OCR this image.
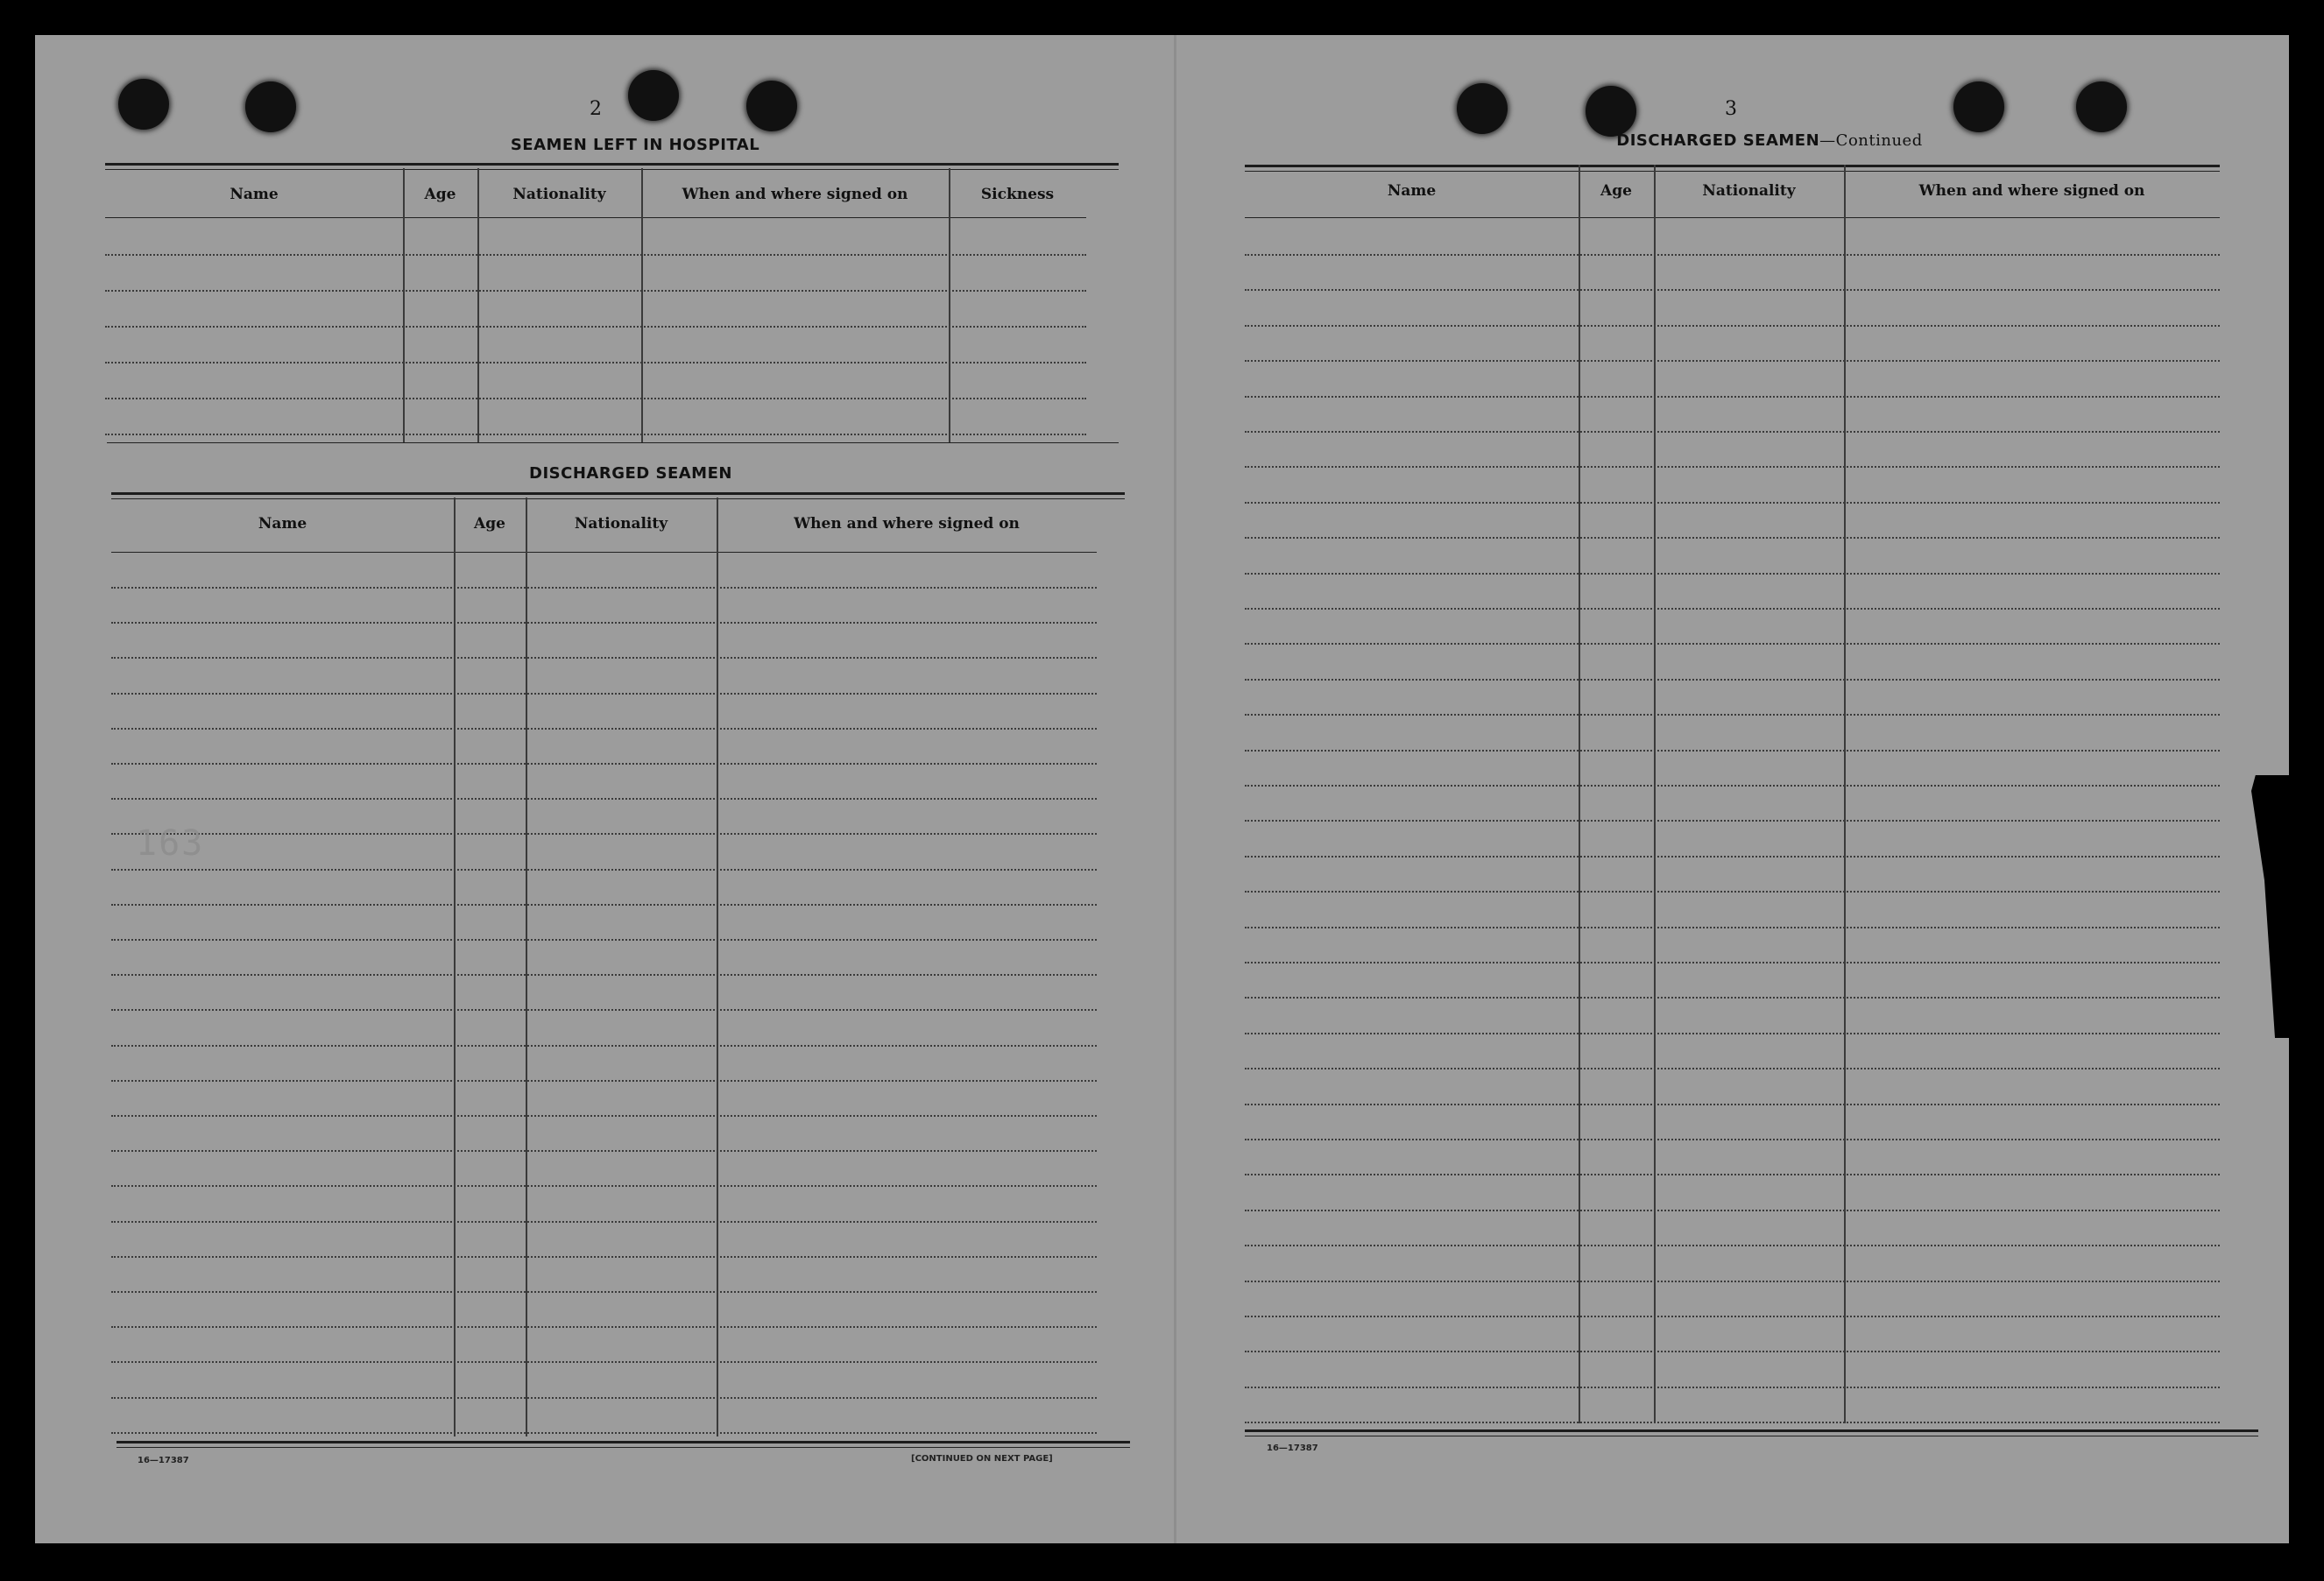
2
SEAMEN LEFT IN HOSPITAL
Name	Age	Nationality	When and where signed on	Sickness
DISCHARGED SEAMEN
Name	Age	Nationality	When and where signed on
163
16—17387	[CONTINUED ON NEXT PAGE]
3
DISCHARGED SEAMEN—Continued
Name	Age	Nationality	When and where signed on
16—17387
